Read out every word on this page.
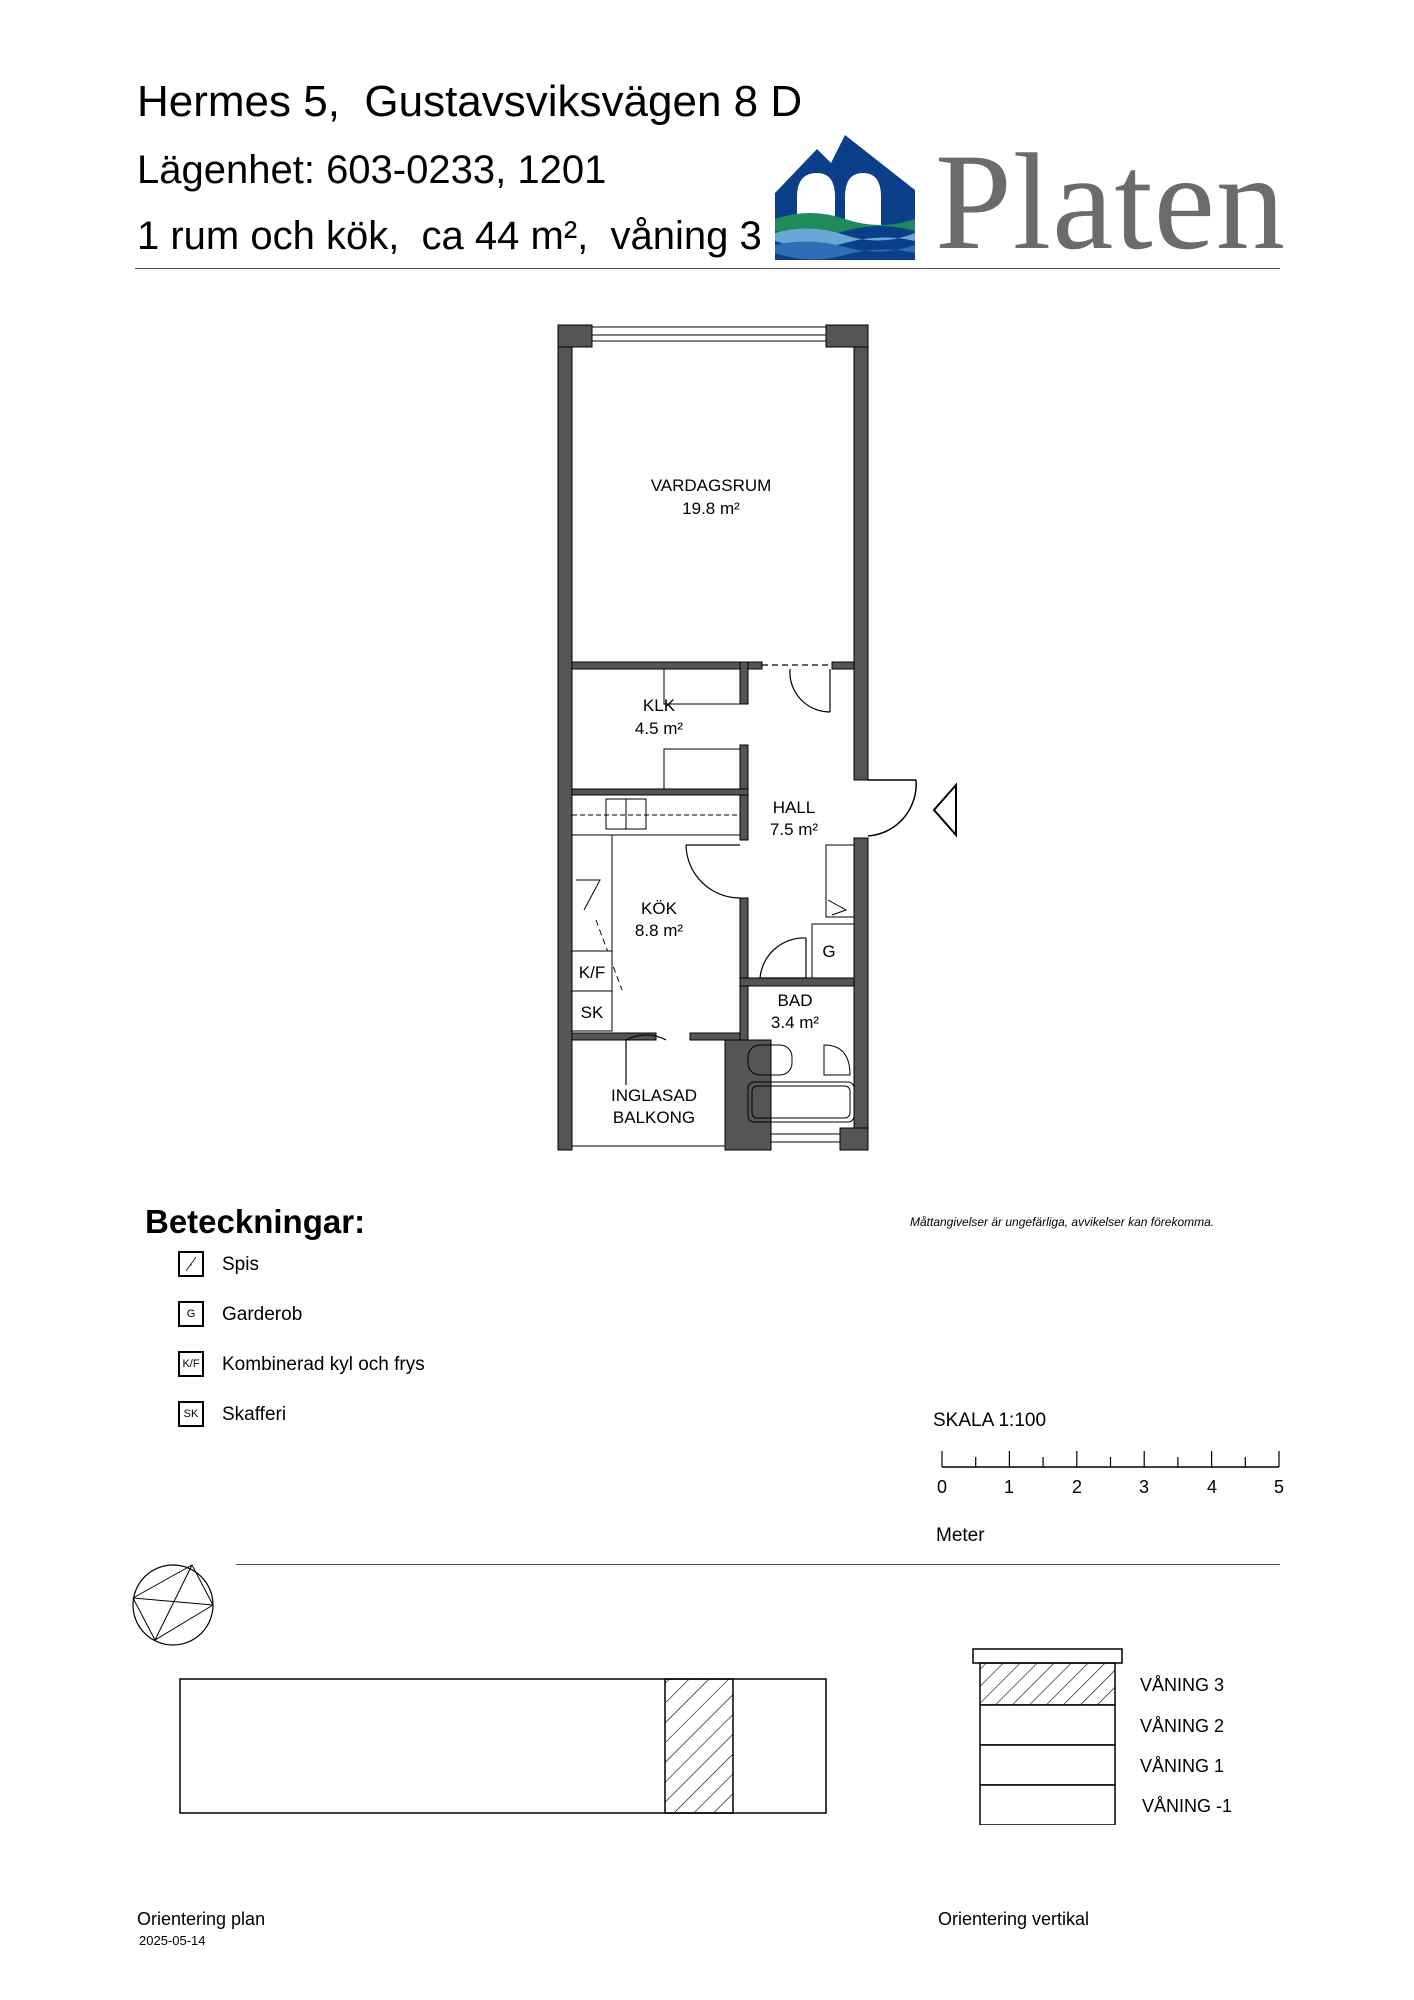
Hermes 5,  Gustavsviksvägen 8 D
Lägenhet: 603-0233, 1201
1 rum och kök,  ca 44 m²,  våning 3 Platen
VARDAGSRUM
19.8 m²
KLK
4.5 m²
HALL
7.5 m²
KÖK
8.8 m²
BAD
3.4 m²
INGLASAD
BALKONG
K/F
SK
G
Beteckningar:	Måttangivelser är ungefärliga, avvikelser kan förekomma.
Spis
G	Garderob
K/F Kombinerad kyl och frys
SK Skafferi	SKALA 1:100
0	1	2	3	4	5
Meter
VÅNING 3
VÅNING 2
VÅNING 1
VÅNING -1
Orientering plan
2025-05-14
Orientering vertikal
